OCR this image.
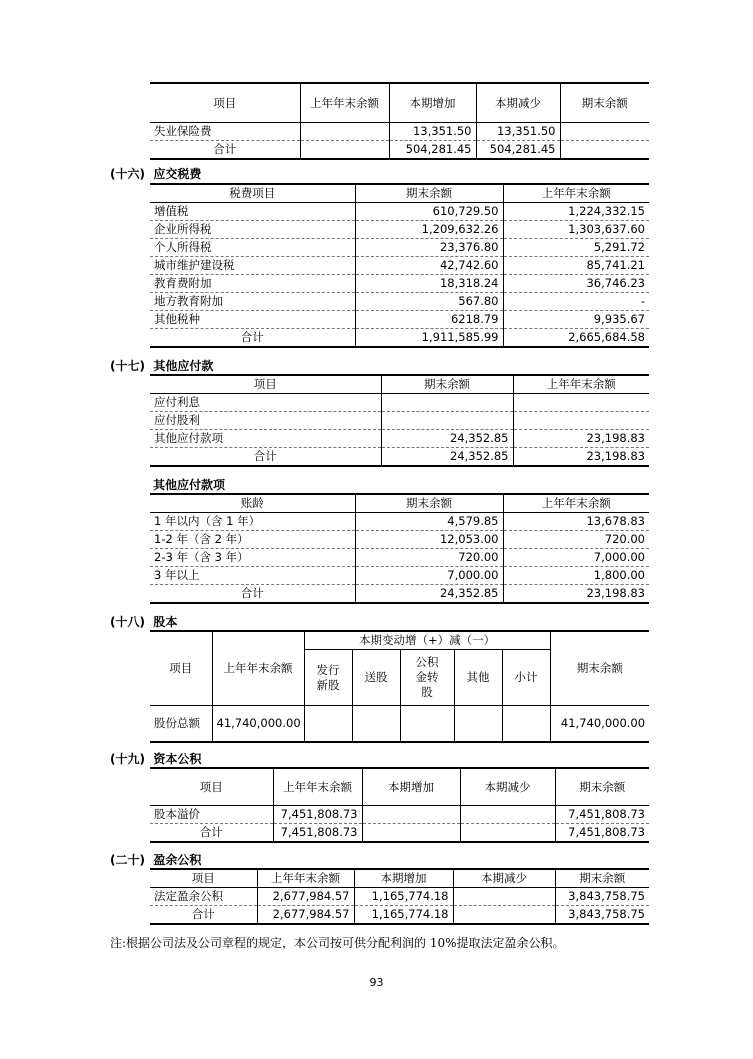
项目	上年年末余额	本期增加	本期减少	期末余额
失业保险费		13,351.50	13,351.50	
合计		504,281.45	504,281.45	
(十六) 应交税费
税费项目	期末余额	上年年末余额
增值税	610,729.50	1,224,332.15
企业所得税	1,209,632.26	1,303,637.60
个人所得税	23,376.80	5,291.72
城市维护建设税	42,742.60	85,741.21
教育费附加	18,318.24	36,746.23
地方教育附加	567.80	-
其他税种	6218.79	9,935.67
合计	1,911,585.99	2,665,684.58
(十七) 其他应付款
项目	期末余额	上年年末余额
应付利息		
应付股利		
其他应付款项	24,352.85	23,198.83
合计	24,352.85	23,198.83
其他应付款项
账龄	期末余额	上年年末余额
1 年以内（含 1 年）	4,579.85	13,678.83
1-2 年（含 2 年）	12,053.00	720.00
2-3 年（含 3 年）	720.00	7,000.00
3 年以上	7,000.00	1,800.00
合计	24,352.85	23,198.83
(十八) 股本
项目	上年年末余额	本期变动增（+）减（一）					期末余额
		发行新股	送股	公积金转股	其他	小计	
股份总额	41,740,000.00						41,740,000.00
(十九) 资本公积
项目	上年年末余额	本期增加	本期减少	期末余额
股本溢价	7,451,808.73			7,451,808.73
合计	7,451,808.73			7,451,808.73
(二十) 盈余公积
项目	上年年末余额	本期增加	本期减少	期末余额
法定盈余公积	2,677,984.57	1,165,774.18		3,843,758.75
合计	2,677,984.57	1,165,774.18		3,843,758.75
注:根据公司法及公司章程的规定，本公司按可供分配利润的 10%提取法定盈余公积。
93
